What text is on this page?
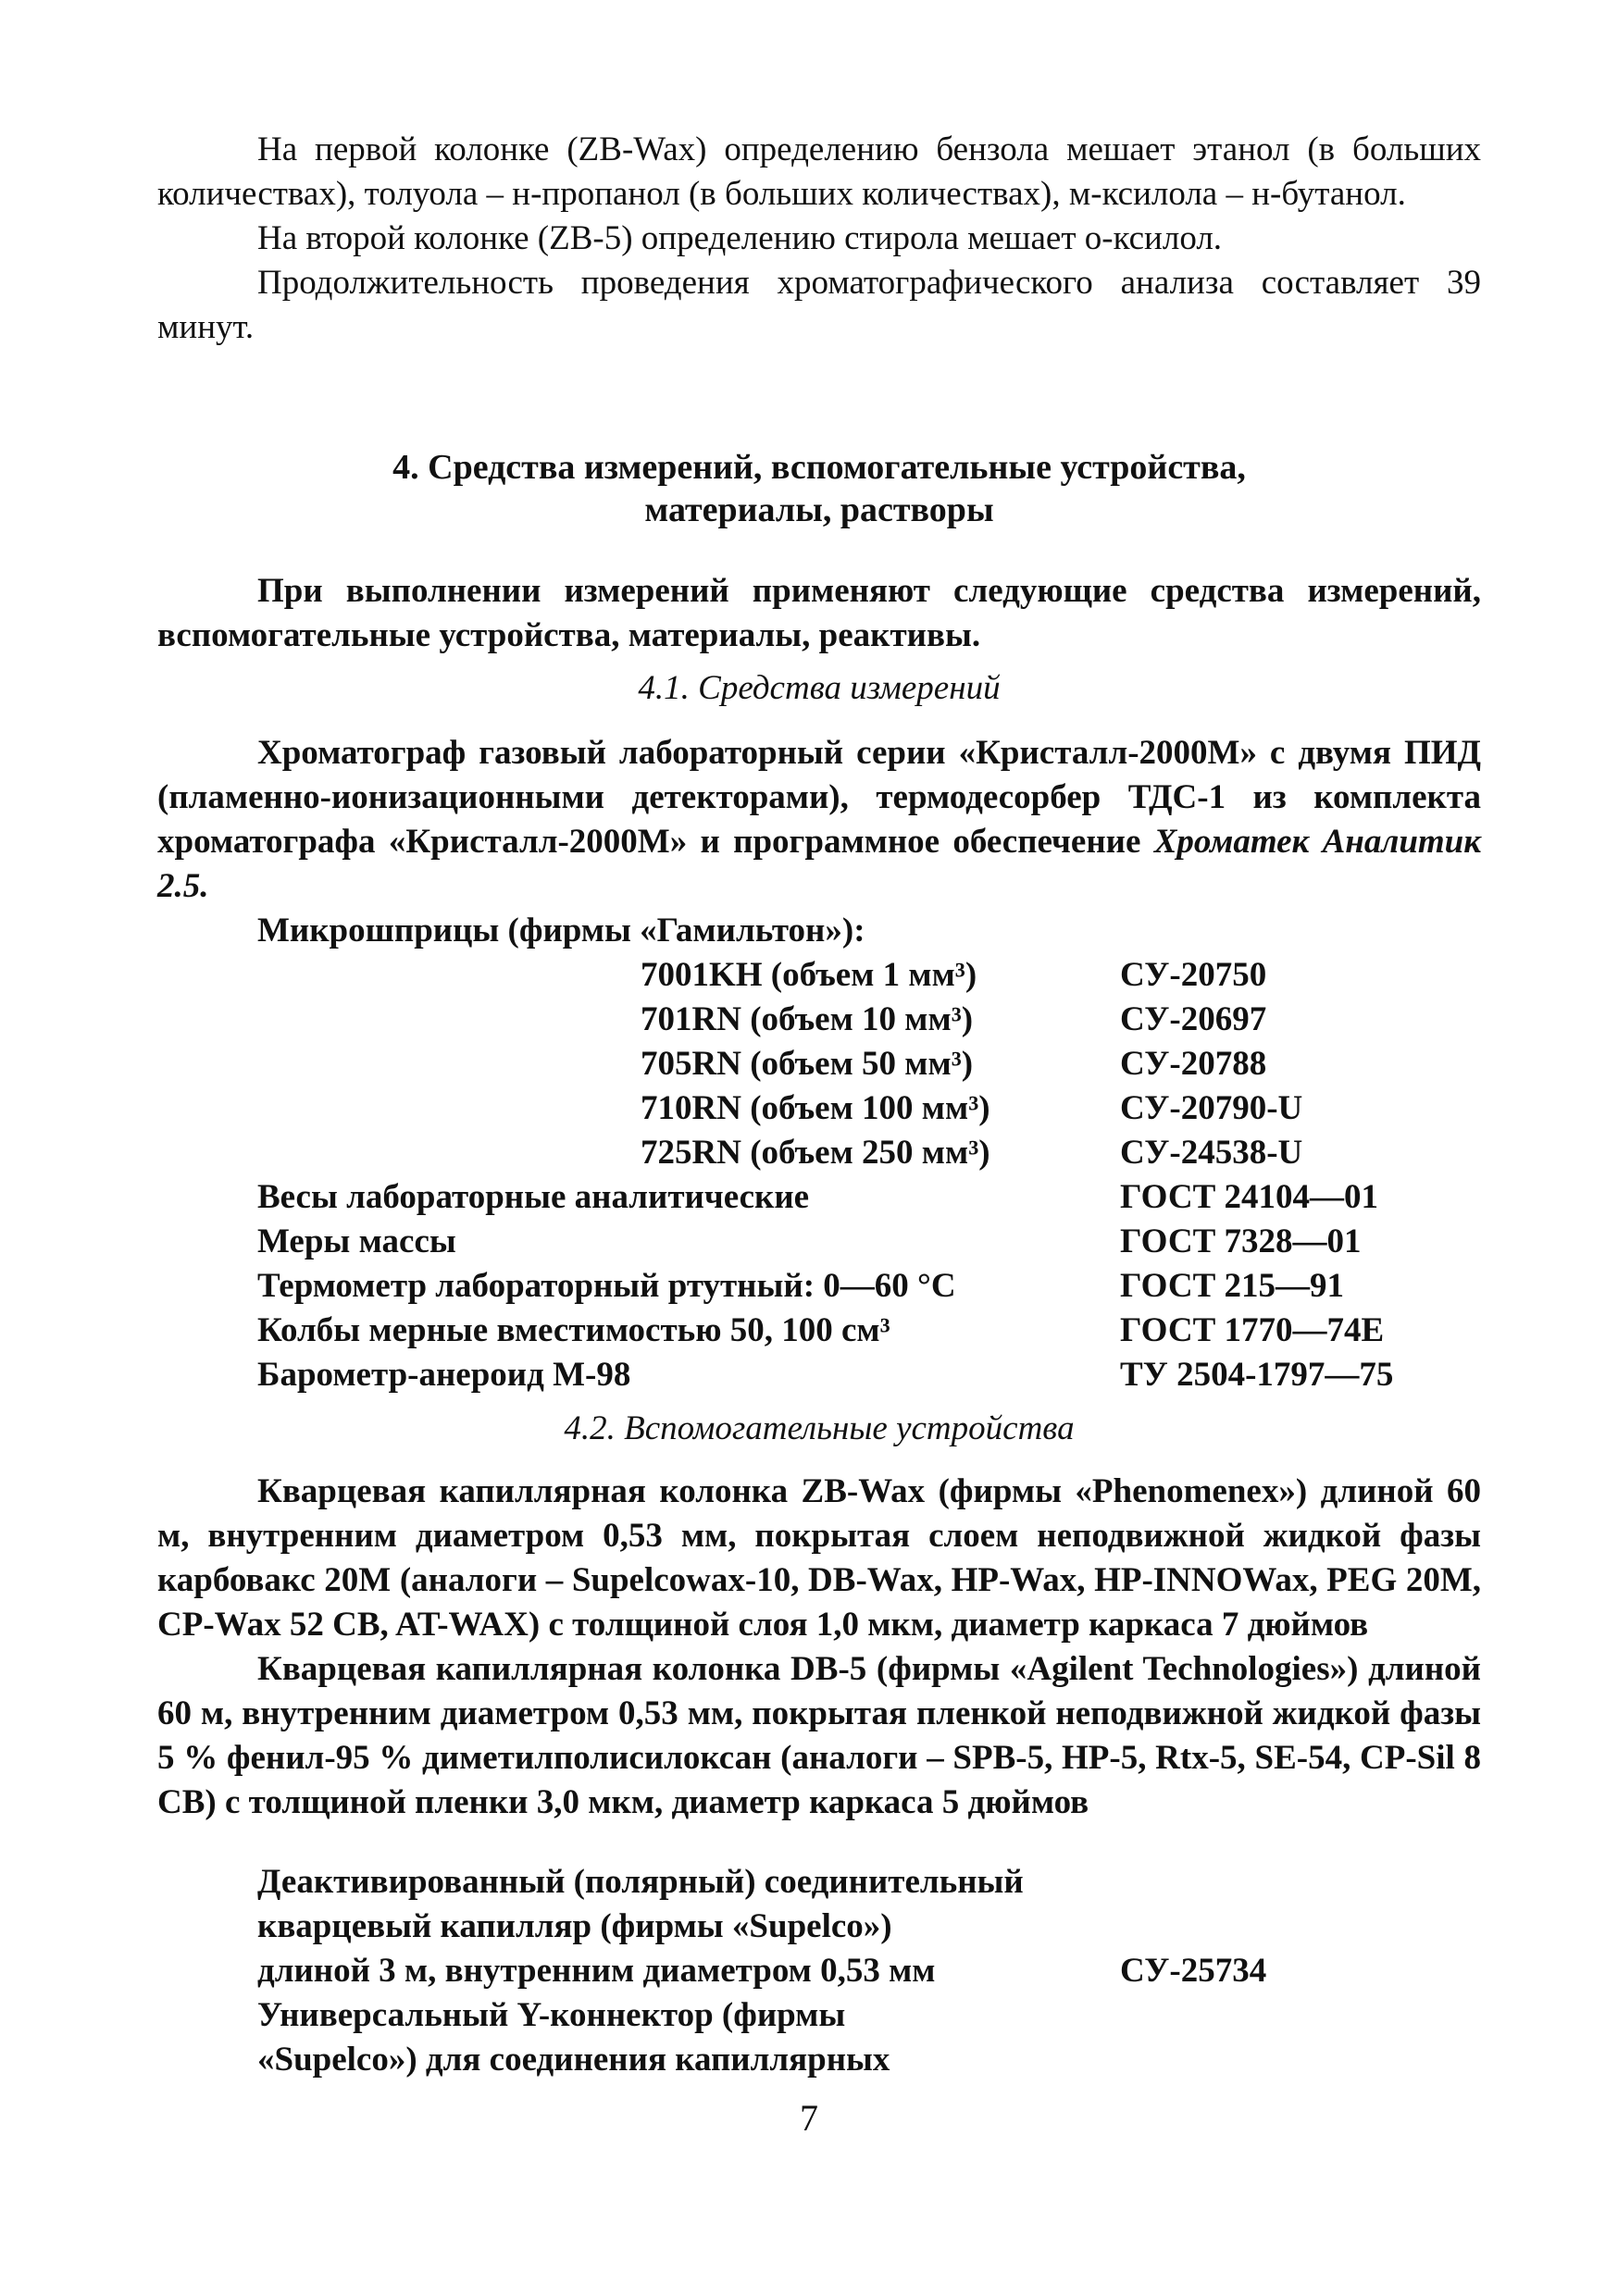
На первой колонке (ZB-Wax) определению бензола мешает этанол (в больших количествах), толуола – н-пропанол (в больших количествах), м-ксилола – н-бутанол.

На второй колонке (ZB-5) определению стирола мешает о-ксилол.

Продолжительность проведения хроматографического анализа составляет 39 минут.

4. Средства измерений, вспомогательные устройства,

материалы, растворы

При выполнении измерений применяют следующие средства измерений, вспомогательные устройства, материалы, реактивы.

4.1. Средства измерений

Хроматограф газовый лабораторный серии «Кристалл-2000М» с двумя ПИД (пламенно-ионизационными детекторами), термодесорбер ТДС-1 из комплекта хроматографа «Кристалл-2000М» и программное обеспечение Хроматек Аналитик 2.5.

Микрошприцы (фирмы «Гамильтон»):

7001KH (объем 1 мм³)	СУ-20750
701RN (объем 10 мм³)	СУ-20697
705RN (объем 50 мм³)	СУ-20788
710RN (объем 100 мм³)	СУ-20790-U
725RN (объем 250 мм³)	СУ-24538-U
Весы лабораторные аналитические	ГОСТ 24104—01
Меры массы	ГОСТ 7328—01
Термометр лабораторный ртутный: 0—60 °С	ГОСТ 215—91
Колбы мерные вместимостью 50, 100 см³	ГОСТ 1770—74Е
Барометр-анероид М-98	ТУ 2504-1797—75

4.2. Вспомогательные устройства

Кварцевая капиллярная колонка ZB-Wax (фирмы «Phenomenex») длиной 60 м, внутренним диаметром 0,53 мм, покрытая слоем неподвижной жидкой фазы карбовакс 20М (аналоги – Supelcowax-10, DB-Wax, HP-Wax, HP-INNOWax, PEG 20M, CP-Wax 52 CB, AT-WAX) с толщиной слоя 1,0 мкм, диаметр каркаса 7 дюймов

Кварцевая капиллярная колонка DB-5 (фирмы «Agilent Technologies») длиной 60 м, внутренним диаметром 0,53 мм, покрытая пленкой неподвижной жидкой фазы 5 % фенил-95 % диметилполисилоксан (аналоги – SPB-5, HP-5, Rtx-5, SE-54, CP-Sil 8 CB) с толщиной пленки 3,0 мкм, диаметр каркаса 5 дюймов

Деактивированный (полярный) соединительный
кварцевый капилляр (фирмы «Supelco»)
длиной 3 м, внутренним диаметром 0,53 мм	СУ-25734
Универсальный Y-коннектор (фирмы
«Supelco») для соединения капиллярных
7
